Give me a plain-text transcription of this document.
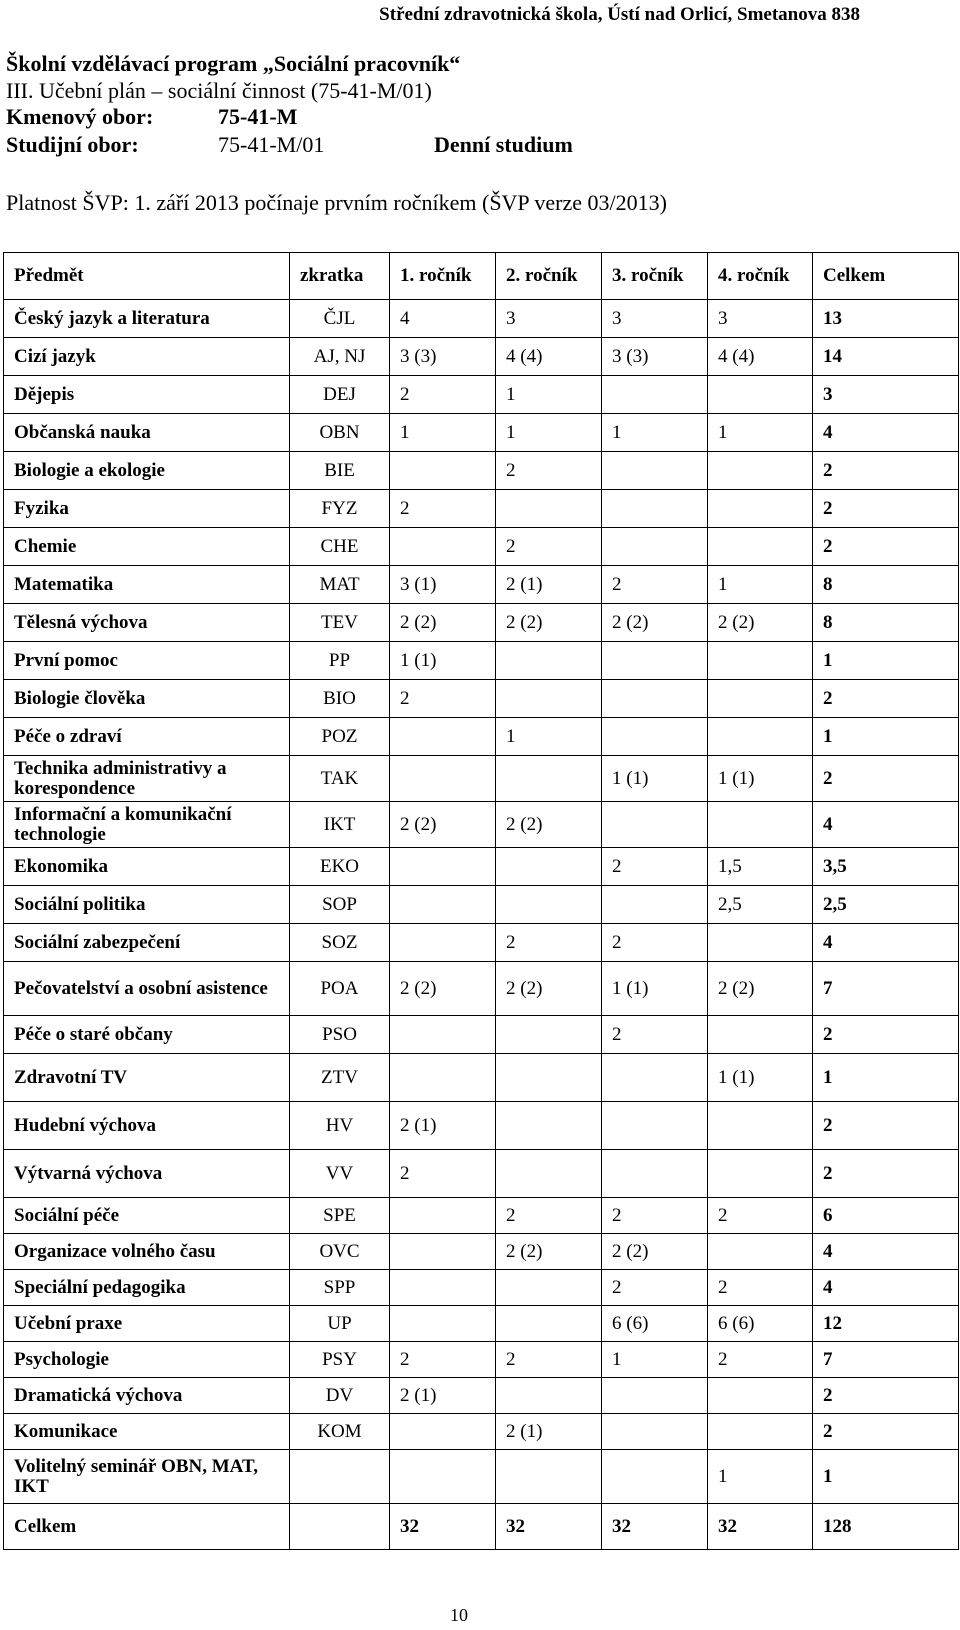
Střední zdravotnická škola, Ústí nad Orlicí, Smetanova 838
Školní vzdělávací program „Sociální pracovník“
III. Učební plán – sociální činnost (75-41-M/01)
Kmenový obor:	75-41-M
Studijní obor:	75-41-M/01	Denní studium
Platnost ŠVP: 1. září 2013 počínaje prvním ročníkem (ŠVP verze 03/2013)
Předmět	zkratka	1. ročník	2. ročník	3. ročník	4. ročník	Celkem
Český jazyk a literatura	ČJL	4	3	3	3	13
Cizí jazyk	AJ, NJ	3 (3)	4 (4)	3 (3)	4 (4)	14
Dějepis	DEJ	2	1			3
Občanská nauka	OBN	1	1	1	1	4
Biologie a ekologie	BIE		2			2
Fyzika	FYZ	2				2
Chemie	CHE		2			2
Matematika	MAT	3 (1)	2 (1)	2	1	8
Tělesná výchova	TEV	2 (2)	2 (2)	2 (2)	2 (2)	8
První pomoc	PP	1 (1)				1
Biologie člověka	BIO	2				2
Péče o zdraví	POZ		1			1
Technika administrativy a korespondence	TAK			1 (1)	1 (1)	2
Informační a komunikační technologie	IKT	2 (2)	2 (2)			4
Ekonomika	EKO			2	1,5	3,5
Sociální politika	SOP				2,5	2,5
Sociální zabezpečení	SOZ		2	2		4
Pečovatelství a osobní asistence	POA	2 (2)	2 (2)	1 (1)	2 (2)	7
Péče o staré občany	PSO			2		2
Zdravotní TV	ZTV				1 (1)	1
Hudební výchova	HV	2 (1)				2
Výtvarná výchova	VV	2				2
Sociální péče	SPE		2	2	2	6
Organizace volného času	OVC		2 (2)	2 (2)		4
Speciální pedagogika	SPP			2	2	4
Učební praxe	UP			6 (6)	6 (6)	12
Psychologie	PSY	2	2	1	2	7
Dramatická výchova	DV	2 (1)				2
Komunikace	KOM		2 (1)			2
Volitelný seminář OBN, MAT, IKT					1	1
Celkem		32	32	32	32	128
10
